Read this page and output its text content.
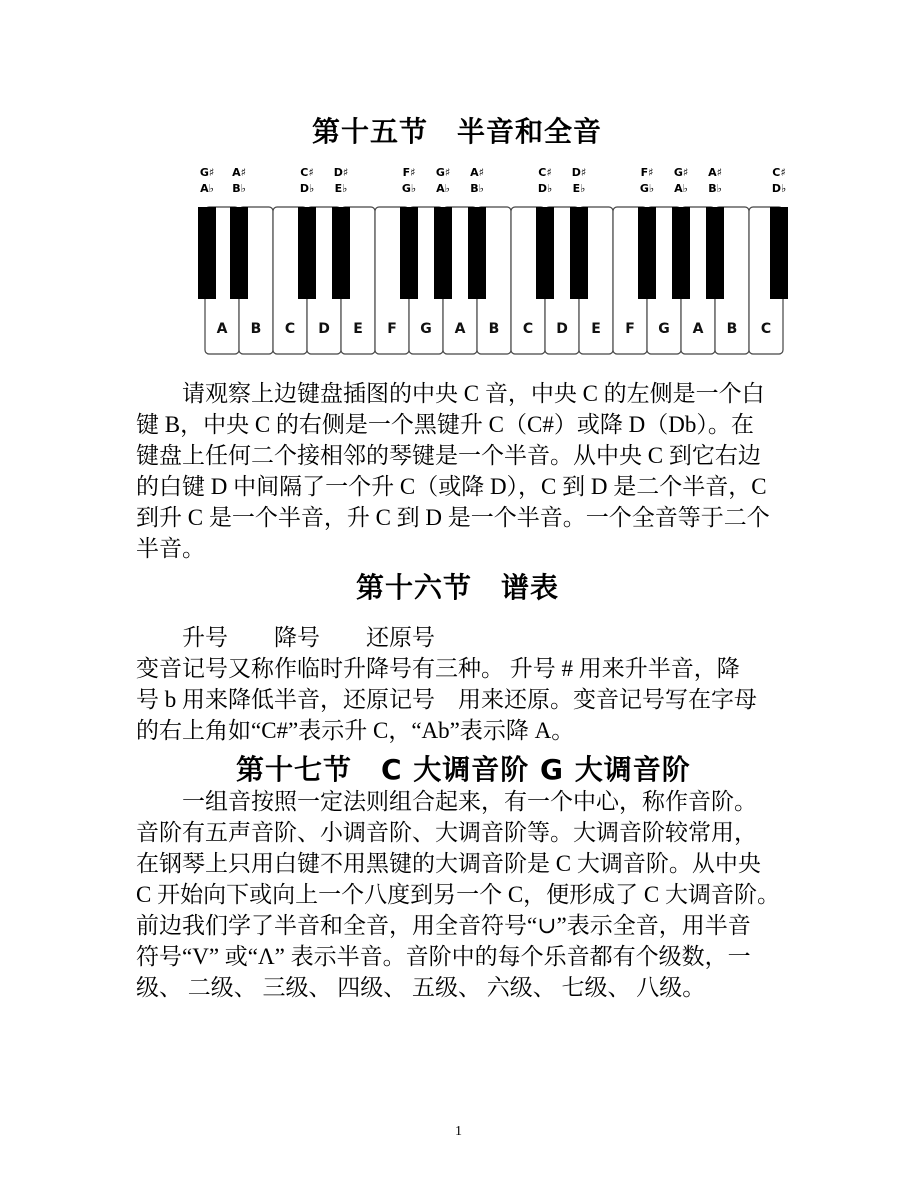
第十五节　半音和全音
A B C D E F G A B C D E F G A B C
G♯
A♭
A♯
B♭
C♯
D♭
D♯
E♭
F♯
G♭
G♯
A♭
A♯
B♭
C♯
D♭
D♯
E♭
F♯
G♭
G♯
A♭
A♯
B♭
C♯
D♭
　　请观察上边键盘插图的中央 C 音，中央 C 的左侧是一个白
键 B，中央 C 的右侧是一个黑键升 C（C#）或降 D（Db）。在
键盘上任何二个接相邻的琴键是一个半音。从中央 C 到它右边
的白键 D 中间隔了一个升 C（或降 D），C 到 D 是二个半音，C
到升 C 是一个半音，升 C 到 D 是一个半音。一个全音等于二个
半音。
第十六节　谱表
　　升号　　降号　　还原号
变音记号又称作临时升降号有三种。 升号 # 用来升半音，降
号 b 用来降低半音，还原记号　用来还原。变音记号写在字母
的右上角如“C#”表示升 C，“Ab”表示降 A。
第十七节　C 大调音阶 G 大调音阶
　　一组音按照一定法则组合起来，有一个中心，称作音阶。
音阶有五声音阶、小调音阶、大调音阶等。大调音阶较常用，
在钢琴上只用白键不用黑键的大调音阶是 C 大调音阶。从中央
C 开始向下或向上一个八度到另一个 C，便形成了 C 大调音阶。
前边我们学了半音和全音，用全音符号“∪”表示全音，用半音
符号“V” 或“Λ” 表示半音。音阶中的每个乐音都有个级数，一
级、 二级、 三级、 四级、 五级、 六级、 七级、 八级。
1
